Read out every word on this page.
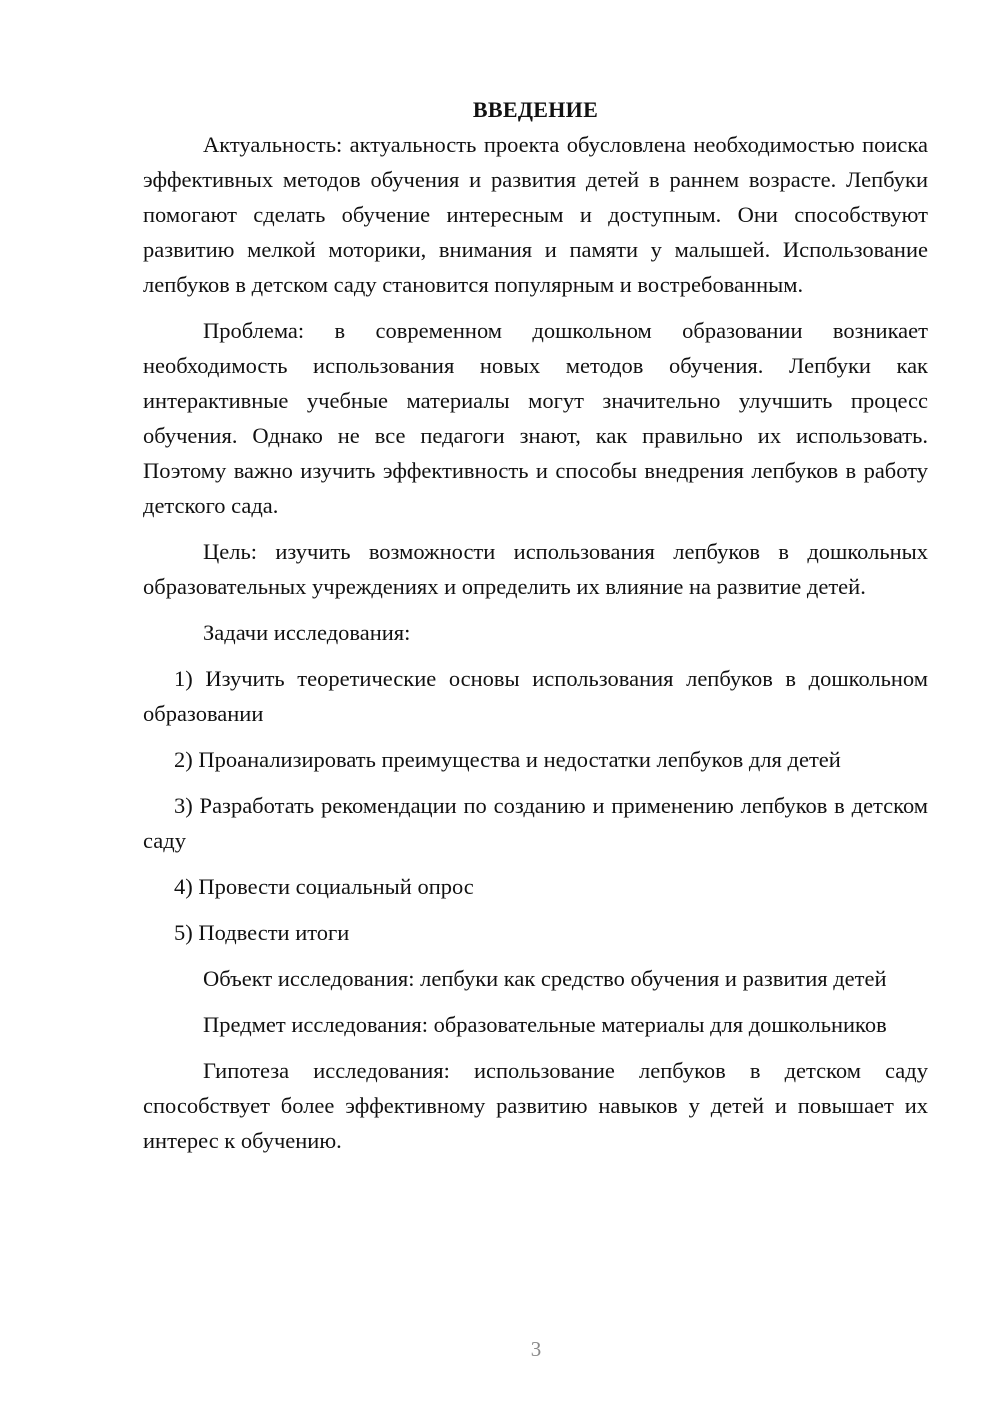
ВВЕДЕНИЕ

Актуальность: актуальность проекта обусловлена необходимостью поиска эффективных методов обучения и развития детей в раннем возрасте. Лепбуки помогают сделать обучение интересным и доступным. Они способствуют развитию мелкой моторики, внимания и памяти у малышей. Использование лепбуков в детском саду становится популярным и востребованным.

Проблема: в современном дошкольном образовании возникает необходимость использования новых методов обучения. Лепбуки как интерактивные учебные материалы могут значительно улучшить процесс обучения. Однако не все педагоги знают, как правильно их использовать. Поэтому важно изучить эффективность и способы внедрения лепбуков в работу детского сада.

Цель: изучить возможности использования лепбуков в дошкольных образовательных учреждениях и определить их влияние на развитие детей.

Задачи исследования:

1) Изучить теоретические основы использования лепбуков в дошкольном образовании

2) Проанализировать преимущества и недостатки лепбуков для детей

3) Разработать рекомендации по созданию и применению лепбуков в детском саду

4) Провести социальный опрос

5) Подвести итоги

Объект исследования: лепбуки как средство обучения и развития детей

Предмет исследования: образовательные материалы для дошкольников

Гипотеза исследования: использование лепбуков в детском саду способствует более эффективному развитию навыков у детей и повышает их интерес к обучению.

3
